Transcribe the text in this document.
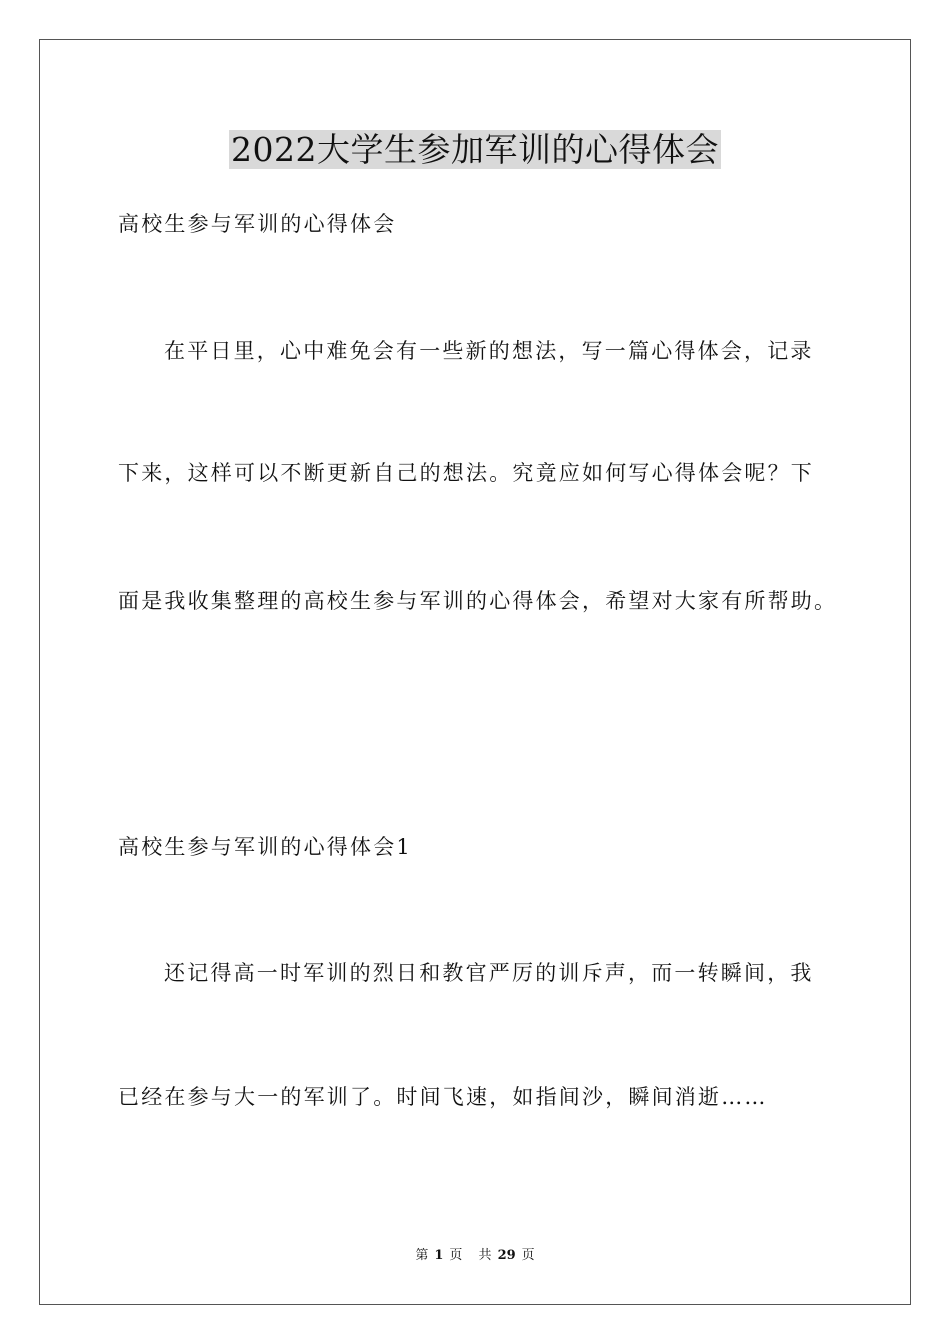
2022大学生参加军训的心得体会
高校生参与军训的心得体会
在平日里，心中难免会有一些新的想法，写一篇心得体会，记录
下来，这样可以不断更新自己的想法。究竟应如何写心得体会呢？下
面是我收集整理的高校生参与军训的心得体会，希望对大家有所帮助。
高校生参与军训的心得体会1
还记得高一时军训的烈日和教官严厉的训斥声，而一转瞬间，我
已经在参与大一的军训了。时间飞速，如指间沙，瞬间消逝……
第 1 页 共 29 页
